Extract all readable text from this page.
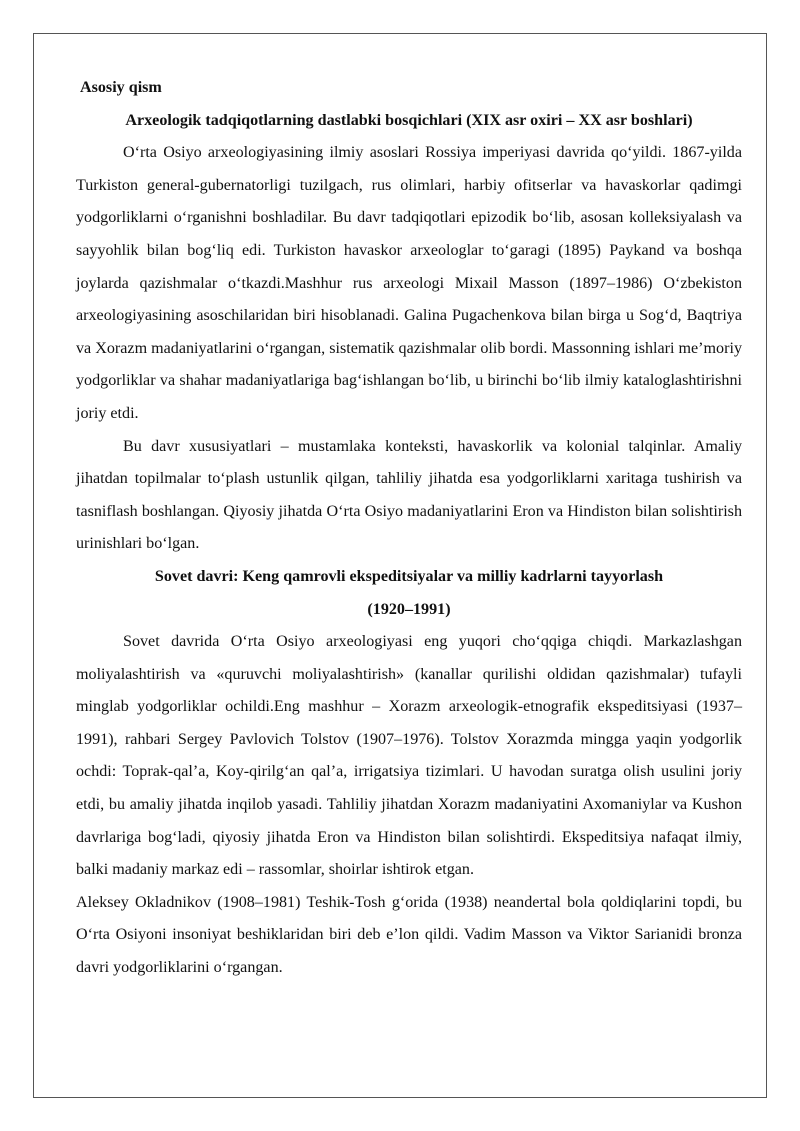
Asosiy qism

Arxeologik tadqiqotlarning dastlabki bosqichlari (XIX asr oxiri – XX asr boshlari)

O‘rta Osiyo arxeologiyasining ilmiy asoslari Rossiya imperiyasi davrida qo‘yildi. 1867-yilda Turkiston general-gubernatorligi tuzilgach, rus olimlari, harbiy ofitserlar va havaskorlar qadimgi yodgorliklarni o‘rganishni boshladilar. Bu davr tadqiqotlari epizodik bo‘lib, asosan kolleksiyalash va sayyohlik bilan bog‘liq edi. Turkiston havaskor arxeologlar to‘garagi (1895) Paykand va boshqa joylarda qazishmalar o‘tkazdi.Mashhur rus arxeologi Mixail Masson (1897–1986) O‘zbekiston arxeologiyasining asoschilaridan biri hisoblanadi. Galina Pugachenkova bilan birga u Sog‘d, Baqtriya va Xorazm madaniyatlarini o‘rgangan, sistematik qazishmalar olib bordi. Massonning ishlari me’moriy yodgorliklar va shahar madaniyatlariga bag‘ishlangan bo‘lib, u birinchi bo‘lib ilmiy kataloglashtirishni joriy etdi.

Bu davr xususiyatlari – mustamlaka konteksti, havaskorlik va kolonial talqinlar. Amaliy jihatdan topilmalar to‘plash ustunlik qilgan, tahliliy jihatda esa yodgorliklarni xaritaga tushirish va tasniflash boshlangan. Qiyosiy jihatda O‘rta Osiyo madaniyatlarini Eron va Hindiston bilan solishtirish urinishlari bo‘lgan.

Sovet davri: Keng qamrovli ekspeditsiyalar va milliy kadrlarni tayyorlash

(1920–1991)

Sovet davrida O‘rta Osiyo arxeologiyasi eng yuqori cho‘qqiga chiqdi. Markazlashgan moliyalashtirish va «quruvchi moliyalashtirish» (kanallar qurilishi oldidan qazishmalar) tufayli minglab yodgorliklar ochildi.Eng mashhur – Xorazm arxeologik-etnografik ekspeditsiyasi (1937–1991), rahbari Sergey Pavlovich Tolstov (1907–1976). Tolstov Xorazmda mingga yaqin yodgorlik ochdi: Toprak-qal’a, Koy-qirilg‘an qal’a, irrigatsiya tizimlari. U havodan suratga olish usulini joriy etdi, bu amaliy jihatda inqilob yasadi. Tahliliy jihatdan Xorazm madaniyatini Axomaniylar va Kushon davrlariga bog‘ladi, qiyosiy jihatda Eron va Hindiston bilan solishtirdi. Ekspeditsiya nafaqat ilmiy, balki madaniy markaz edi – rassomlar, shoirlar ishtirok etgan.

Aleksey Okladnikov (1908–1981) Teshik-Tosh g‘orida (1938) neandertal bola qoldiqlarini topdi, bu O‘rta Osiyoni insoniyat beshiklaridan biri deb e’lon qildi. Vadim Masson va Viktor Sarianidi bronza davri yodgorliklarini o‘rgangan.
